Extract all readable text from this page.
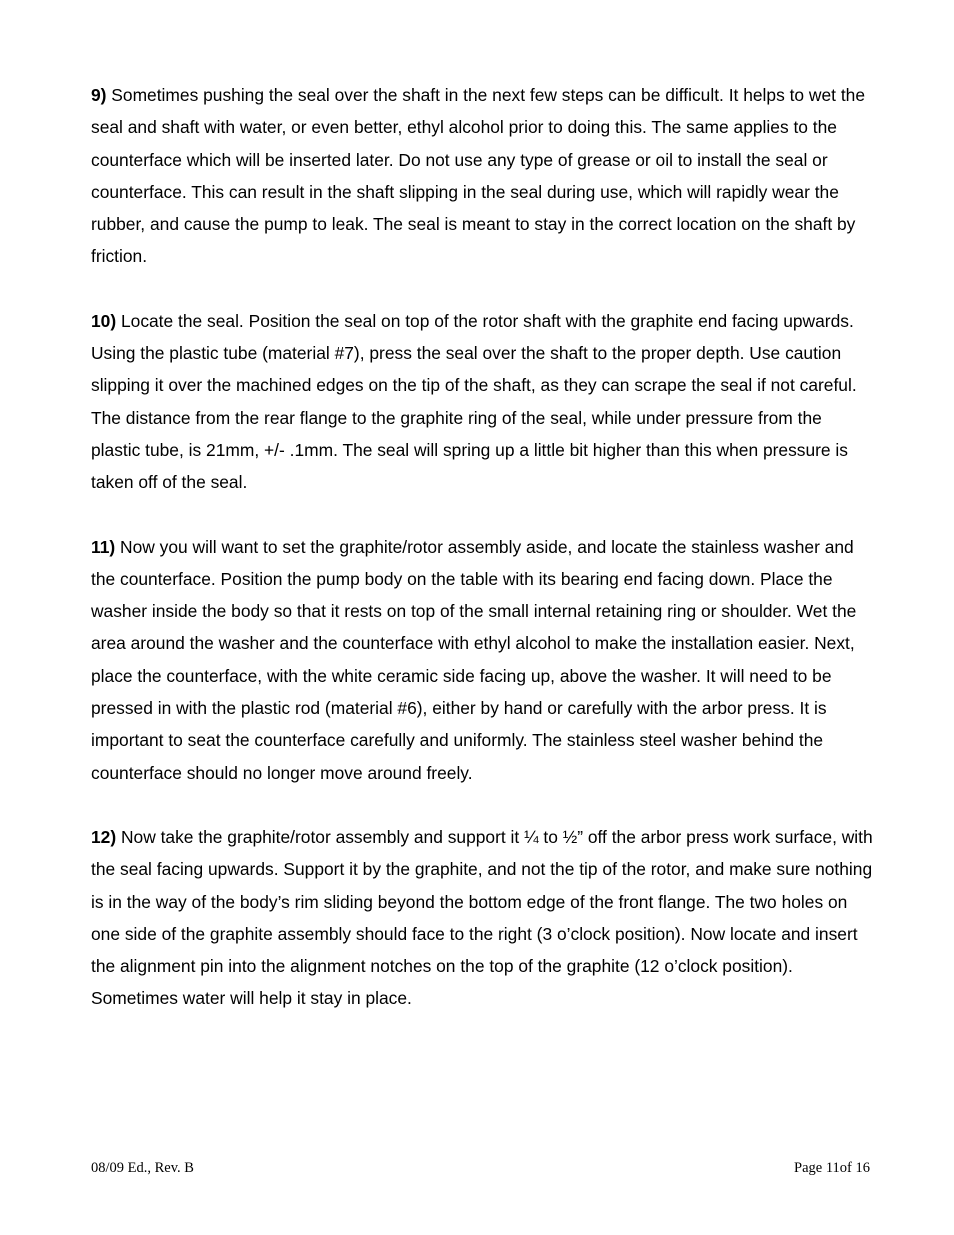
9) Sometimes pushing the seal over the shaft in the next few steps can be difficult. It helps to wet the seal and shaft with water, or even better, ethyl alcohol prior to doing this. The same applies to the counterface which will be inserted later. Do not use any type of grease or oil to install the seal or counterface. This can result in the shaft slipping in the seal during use, which will rapidly wear the rubber, and cause the pump to leak. The seal is meant to stay in the correct location on the shaft by friction.

10) Locate the seal. Position the seal on top of the rotor shaft with the graphite end facing upwards. Using the plastic tube (material #7), press the seal over the shaft to the proper depth. Use caution slipping it over the machined edges on the tip of the shaft, as they can scrape the seal if not careful. The distance from the rear flange to the graphite ring of the seal, while under pressure from the plastic tube, is 21mm, +/- .1mm. The seal will spring up a little bit higher than this when pressure is taken off of the seal.

11) Now you will want to set the graphite/rotor assembly aside, and locate the stainless washer and the counterface. Position the pump body on the table with its bearing end facing down. Place the washer inside the body so that it rests on top of the small internal retaining ring or shoulder. Wet the area around the washer and the counterface with ethyl alcohol to make the installation easier. Next, place the counterface, with the white ceramic side facing up, above the washer. It will need to be pressed in with the plastic rod (material #6), either by hand or carefully with the arbor press. It is important to seat the counterface carefully and uniformly. The stainless steel washer behind the counterface should no longer move around freely.

12) Now take the graphite/rotor assembly and support it ¼ to ½” off the arbor press work surface, with the seal facing upwards. Support it by the graphite, and not the tip of the rotor, and make sure nothing is in the way of the body’s rim sliding beyond the bottom edge of the front flange. The two holes on one side of the graphite assembly should face to the right (3 o’clock position). Now locate and insert the alignment pin into the alignment notches on the top of the graphite (12 o’clock position). Sometimes water will help it stay in place.

08/09 Ed., Rev. B	Page 11of 16
